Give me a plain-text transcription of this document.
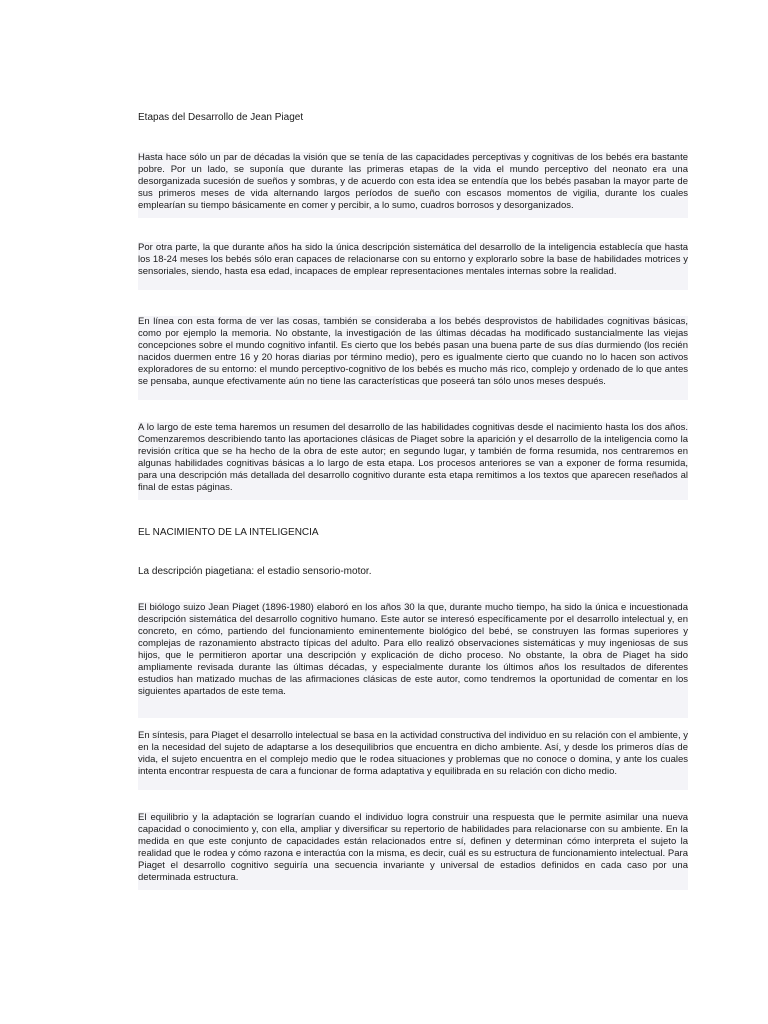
Etapas del Desarrollo de Jean Piaget

Hasta hace sólo un par de décadas la visión que se tenía de las capacidades perceptivas y cognitivas de los bebés era bastante pobre. Por un lado, se suponía que durante las primeras etapas de la vida el mundo perceptivo del neonato era una desorganizada sucesión de sueños y sombras, y de acuerdo con esta idea se entendía que los bebés pasaban la mayor parte de sus primeros meses de vida alternando largos períodos de sueño con escasos momentos de vigilia, durante los cuales emplearían su tiempo básicamente en comer y percibir, a lo sumo, cuadros borrosos y desorganizados.

Por otra parte, la que durante años ha sido la única descripción sistemática del desarrollo de la inteligencia establecía que hasta los 18-24 meses los bebés sólo eran capaces de relacionarse con su entorno y explorarlo sobre la base de habilidades motrices y sensoriales, siendo, hasta esa edad, incapaces de emplear representaciones mentales internas sobre la realidad.

En línea con esta forma de ver las cosas, también se consideraba a los bebés desprovistos de habilidades cognitivas básicas, como por ejemplo la memoria. No obstante, la investigación de las últimas décadas ha modificado sustancialmente las viejas concepciones sobre el mundo cognitivo infantil. Es cierto que los bebés pasan una buena parte de sus días durmiendo (los recién nacidos duermen entre 16 y 20 horas diarias por término medio), pero es igualmente cierto que cuando no lo hacen son activos exploradores de su entorno: el mundo perceptivo-cognitivo de los bebés es mucho más rico, complejo y ordenado de lo que antes se pensaba, aunque efectivamente aún no tiene las características que poseerá tan sólo unos meses después.

A lo largo de este tema haremos un resumen del desarrollo de las habilidades cognitivas desde el nacimiento hasta los dos años. Comenzaremos describiendo tanto las aportaciones clásicas de Piaget sobre la aparición y el desarrollo de la inteligencia como la revisión crítica que se ha hecho de la obra de este autor; en segundo lugar, y también de forma resumida, nos centraremos en algunas habilidades cognitivas básicas a lo largo de esta etapa. Los procesos anteriores se van a exponer de forma resumida, para una descripción más detallada del desarrollo cognitivo durante esta etapa remitimos a los textos que aparecen reseñados al final de estas páginas.

EL NACIMIENTO DE LA INTELIGENCIA

La descripción piagetiana: el estadio sensorio-motor.

El biólogo suizo Jean Piaget (1896-1980) elaboró en los años 30 la que, durante mucho tiempo, ha sido la única e incuestionada descripción sistemática del desarrollo cognitivo humano. Este autor se interesó específicamente por el desarrollo intelectual y, en concreto, en cómo, partiendo del funcionamiento eminentemente biológico del bebé, se construyen las formas superiores y complejas de razonamiento abstracto típicas del adulto. Para ello realizó observaciones sistemáticas y muy ingeniosas de sus hijos, que le permitieron aportar una descripción y explicación de dicho proceso. No obstante, la obra de Piaget ha sido ampliamente revisada durante las últimas décadas, y especialmente durante los últimos años los resultados de diferentes estudios han matizado muchas de las afirmaciones clásicas de este autor, como tendremos la oportunidad de comentar en los siguientes apartados de este tema.

En síntesis, para Piaget el desarrollo intelectual se basa en la actividad constructiva del individuo en su relación con el ambiente, y en la necesidad del sujeto de adaptarse a los desequilibrios que encuentra en dicho ambiente. Así, y desde los primeros días de vida, el sujeto encuentra en el complejo medio que le rodea situaciones y problemas que no conoce o domina, y ante los cuales intenta encontrar respuesta de cara a funcionar de forma adaptativa y equilibrada en su relación con dicho medio.

El equilibrio y la adaptación se lograrían cuando el individuo logra construir una respuesta que le permite asimilar una nueva capacidad o conocimiento y, con ella, ampliar y diversificar su repertorio de habilidades para relacionarse con su ambiente. En la medida en que este conjunto de capacidades están relacionados entre sí, definen y determinan cómo interpreta el sujeto la realidad que le rodea y cómo razona e interactúa con la misma, es decir, cuál es su estructura de funcionamiento intelectual. Para Piaget el desarrollo cognitivo seguiría una secuencia invariante y universal de estadios definidos en cada caso por una determinada estructura.
